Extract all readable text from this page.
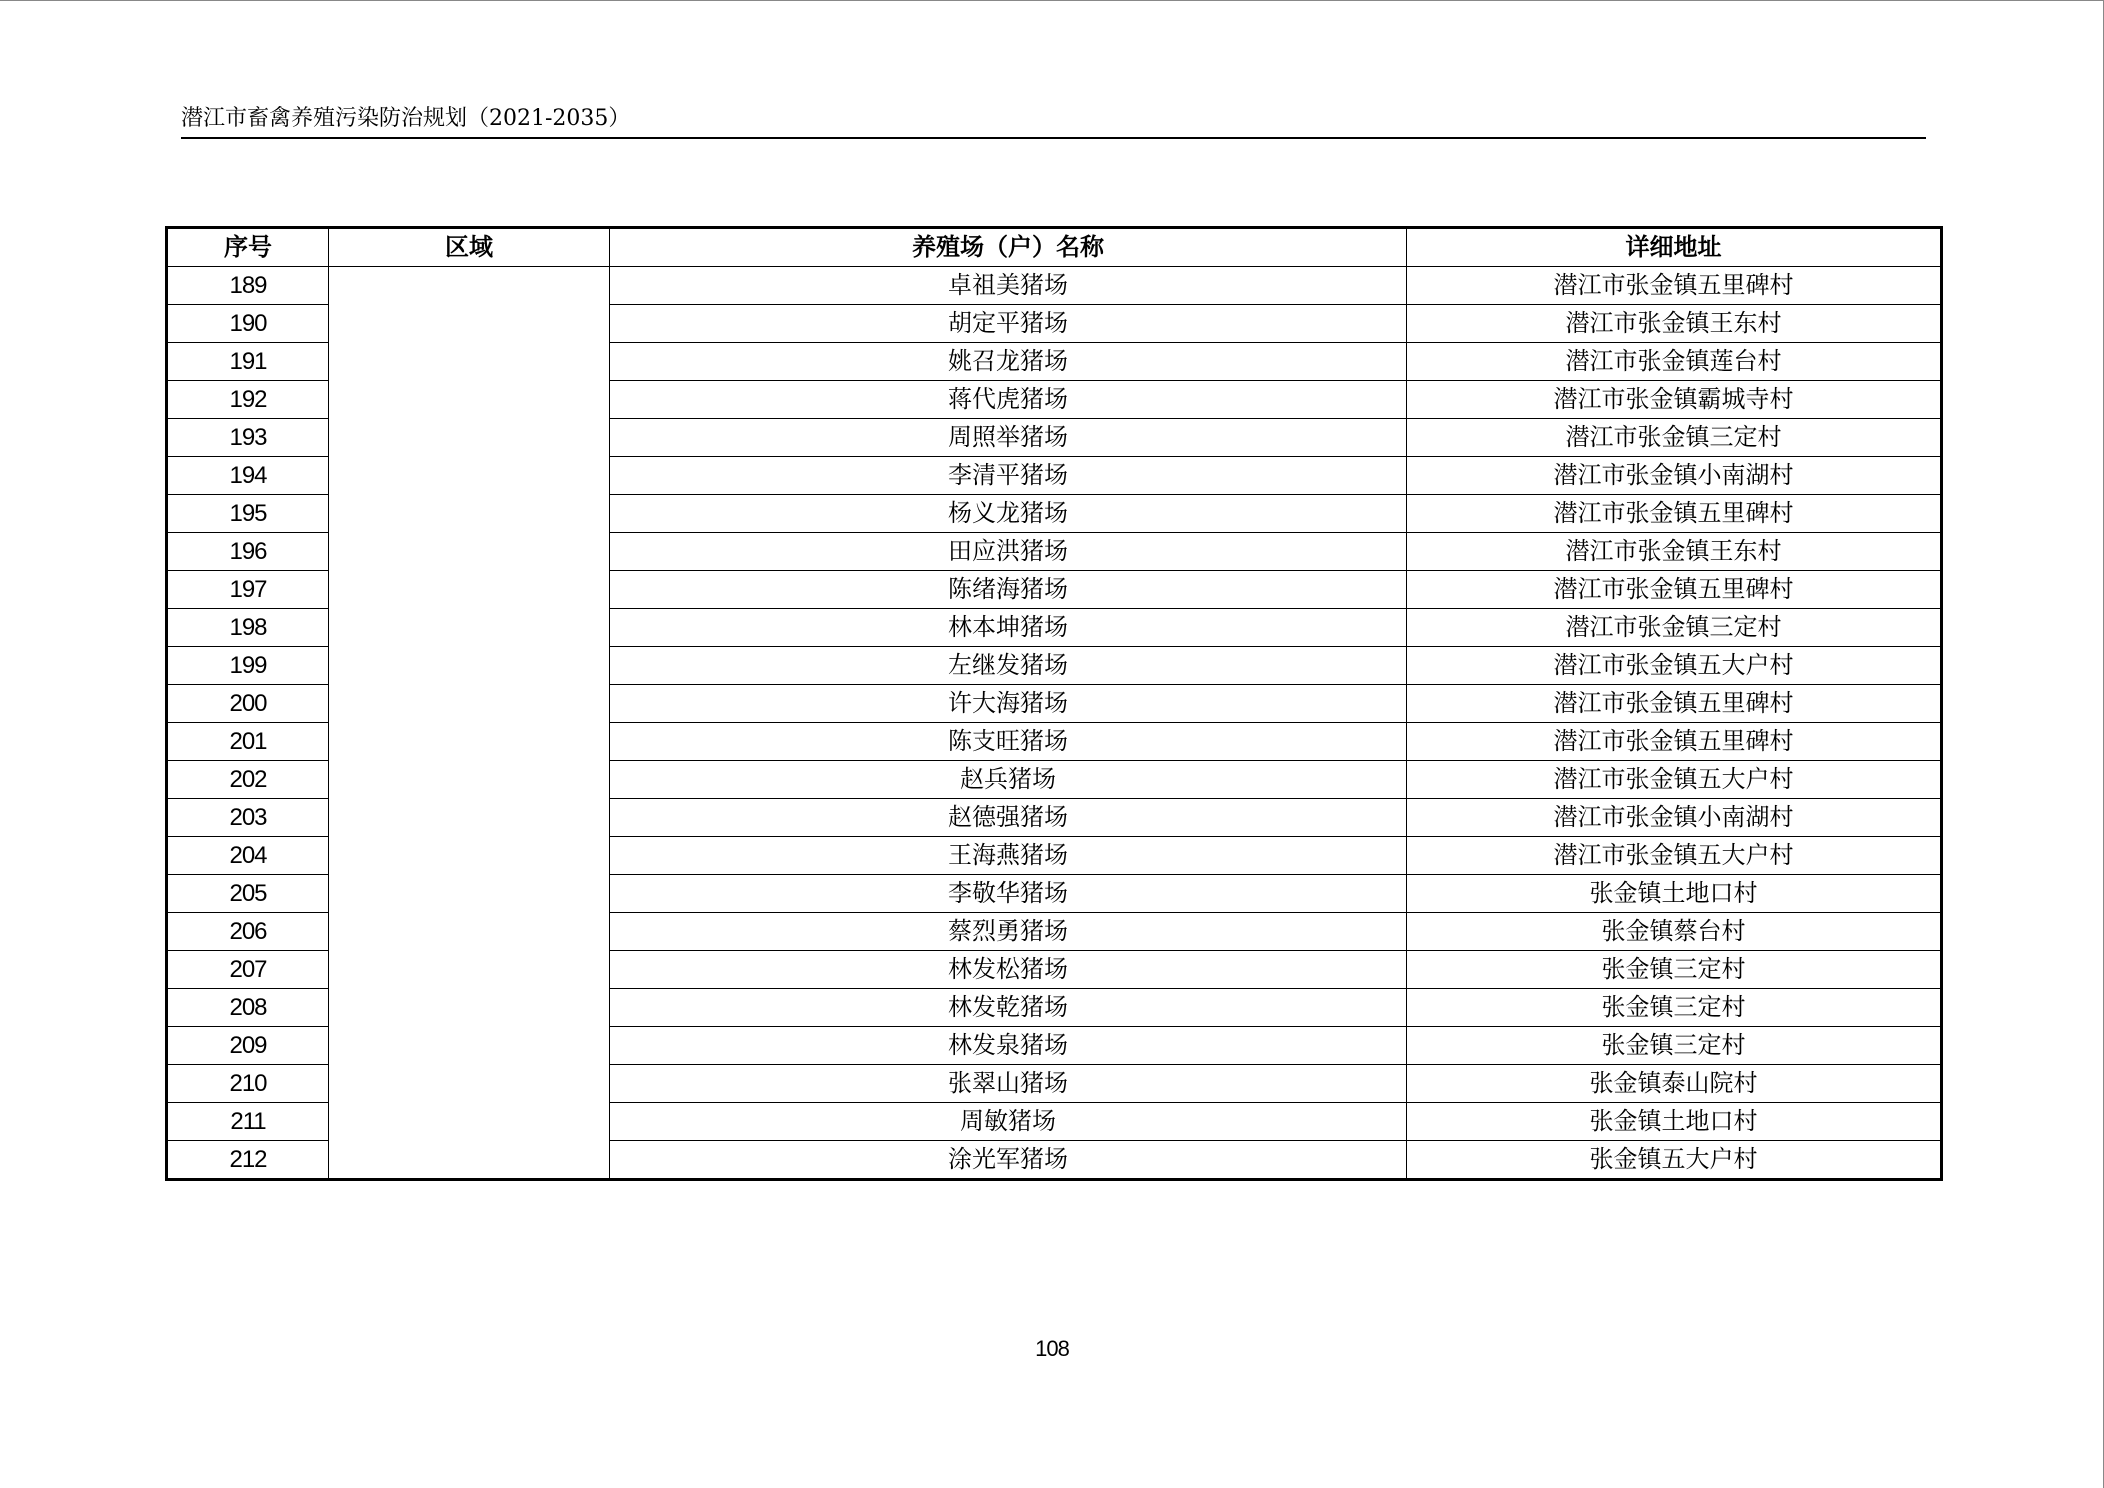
潜江市畜禽养殖污染防治规划（2021-2035）
序号	区域	养殖场（户）名称	详细地址
189		卓祖美猪场	潜江市张金镇五里碑村
190		胡定平猪场	潜江市张金镇王东村
191		姚召龙猪场	潜江市张金镇莲台村
192		蒋代虎猪场	潜江市张金镇霸城寺村
193		周照举猪场	潜江市张金镇三定村
194		李清平猪场	潜江市张金镇小南湖村
195		杨义龙猪场	潜江市张金镇五里碑村
196		田应洪猪场	潜江市张金镇王东村
197		陈绪海猪场	潜江市张金镇五里碑村
198		林本坤猪场	潜江市张金镇三定村
199		左继发猪场	潜江市张金镇五大户村
200		许大海猪场	潜江市张金镇五里碑村
201		陈支旺猪场	潜江市张金镇五里碑村
202		赵兵猪场	潜江市张金镇五大户村
203		赵德强猪场	潜江市张金镇小南湖村
204		王海燕猪场	潜江市张金镇五大户村
205		李敬华猪场	张金镇土地口村
206		蔡烈勇猪场	张金镇蔡台村
207		林发松猪场	张金镇三定村
208		林发乾猪场	张金镇三定村
209		林发泉猪场	张金镇三定村
210		张翠山猪场	张金镇泰山院村
211		周敏猪场	张金镇土地口村
212		涂光军猪场	张金镇五大户村
108
